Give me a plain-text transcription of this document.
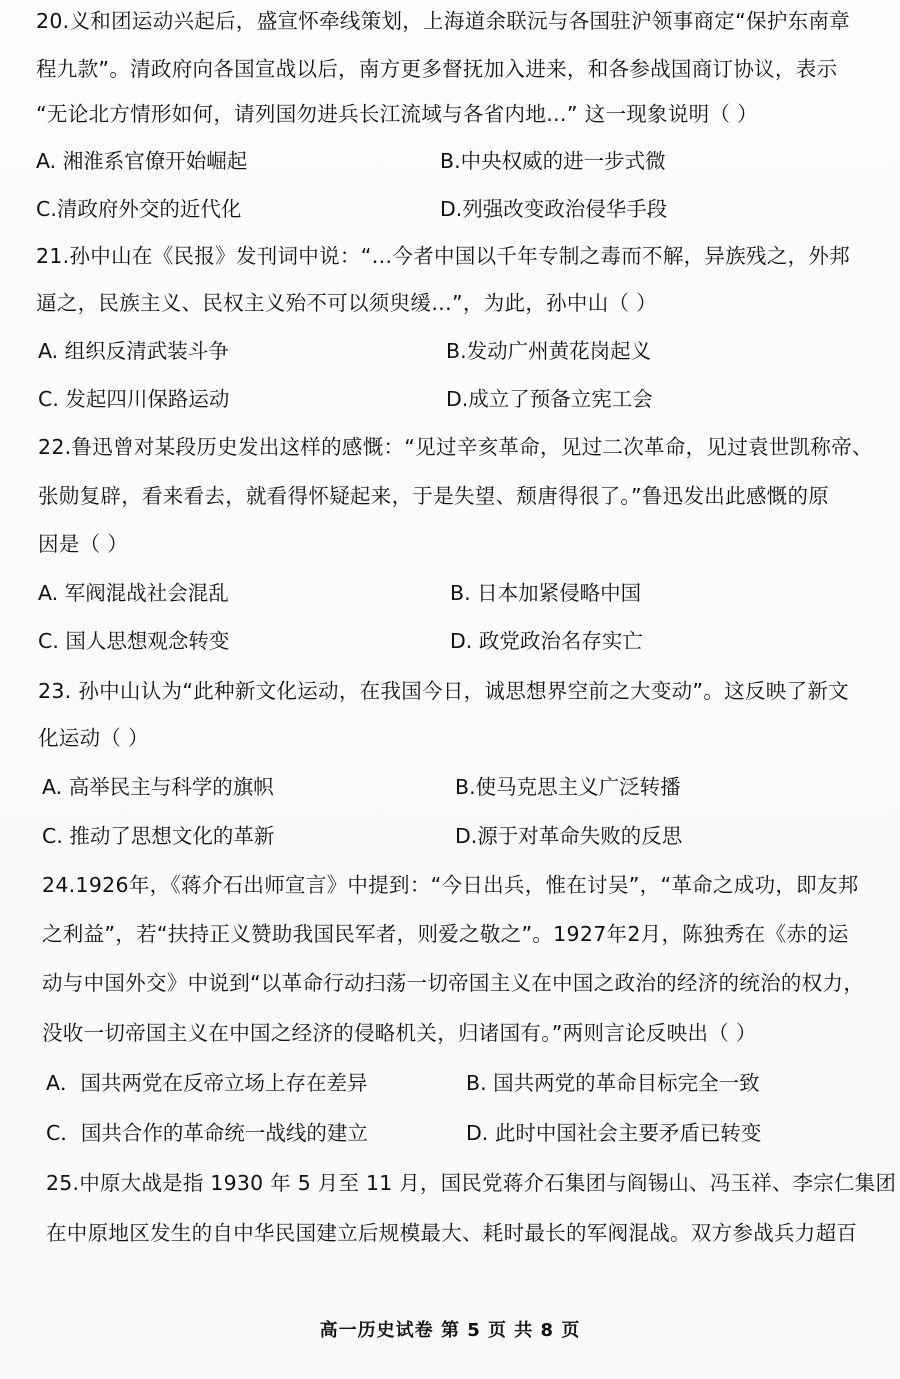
20.义和团运动兴起后，盛宣怀牵线策划，上海道余联沅与各国驻沪领事商定“保护东南章
程九款”。清政府向各国宣战以后，南方更多督抚加入进来，和各参战国商订协议，表示
“无论北方情形如何，请列国勿进兵长江流域与各省内地…” 这一现象说明（ ）
A. 湘淮系官僚开始崛起	B.中央权威的进一步式微
C.清政府外交的近代化	D.列强改变政治侵华手段
21.孙中山在《民报》发刊词中说：“…今者中国以千年专制之毒而不解，异族残之，外邦
逼之，民族主义、民权主义殆不可以须臾缓…”，为此，孙中山（ ）
A. 组织反清武装斗争	B.发动广州黄花岗起义
C. 发起四川保路运动	D.成立了预备立宪工会
22.鲁迅曾对某段历史发出这样的感慨：“见过辛亥革命，见过二次革命，见过袁世凯称帝、
张勋复辟，看来看去，就看得怀疑起来，于是失望、颓唐得很了。”鲁迅发出此感慨的原
因是（ ）
A. 军阀混战社会混乱	B. 日本加紧侵略中国
C. 国人思想观念转变	D. 政党政治名存实亡
23. 孙中山认为“此种新文化运动，在我国今日，诚思想界空前之大变动”。这反映了新文
化运动（ ）
A. 高举民主与科学的旗帜	B.使马克思主义广泛转播
C. 推动了思想文化的革新	D.源于对革命失败的反思
24.1926年，《蒋介石出师宣言》中提到：“今日出兵，惟在讨吴”，“革命之成功，即友邦
之利益”，若“扶持正义赞助我国民军者，则爱之敬之”。1927年2月，陈独秀在《赤的运
动与中国外交》中说到“以革命行动扫荡一切帝国主义在中国之政治的经济的统治的权力，
没收一切帝国主义在中国之经济的侵略机关，归诸国有。”两则言论反映出（ ）
A．国共两党在反帝立场上存在差异	B. 国共两党的革命目标完全一致
C．国共合作的革命统一战线的建立	D. 此时中国社会主要矛盾已转变
25.中原大战是指 1930 年 5 月至 11 月，国民党蒋介石集团与阎锡山、冯玉祥、李宗仁集团
在中原地区发生的自中华民国建立后规模最大、耗时最长的军阀混战。双方参战兵力超百
高一历史试卷 第 5 页 共 8 页
